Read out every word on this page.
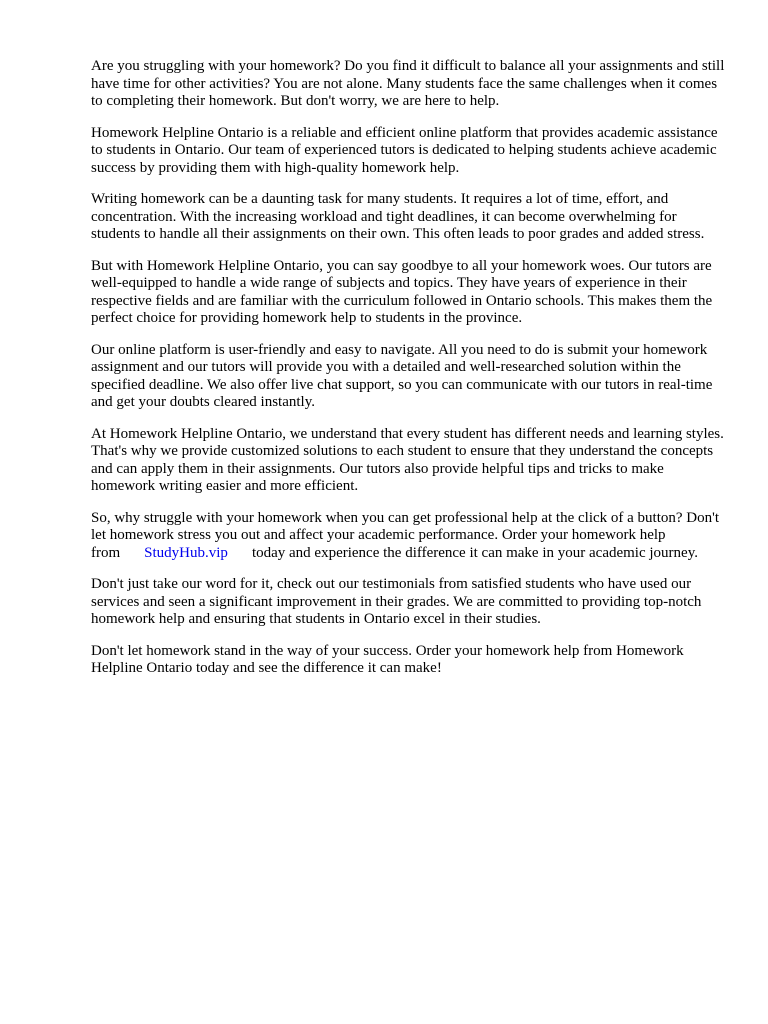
Are you struggling with your homework? Do you find it difficult to balance all your assignments and still have time for other activities? You are not alone. Many students face the same challenges when it comes to completing their homework. But don't worry, we are here to help.

Homework Helpline Ontario is a reliable and efficient online platform that provides academic assistance to students in Ontario. Our team of experienced tutors is dedicated to helping students achieve academic success by providing them with high-quality homework help.

Writing homework can be a daunting task for many students. It requires a lot of time, effort, and concentration. With the increasing workload and tight deadlines, it can become overwhelming for students to handle all their assignments on their own. This often leads to poor grades and added stress.

But with Homework Helpline Ontario, you can say goodbye to all your homework woes. Our tutors are well-equipped to handle a wide range of subjects and topics. They have years of experience in their respective fields and are familiar with the curriculum followed in Ontario schools. This makes them the perfect choice for providing homework help to students in the province.

Our online platform is user-friendly and easy to navigate. All you need to do is submit your homework assignment and our tutors will provide you with a detailed and well-researched solution within the specified deadline. We also offer live chat support, so you can communicate with our tutors in real-time and get your doubts cleared instantly.

At Homework Helpline Ontario, we understand that every student has different needs and learning styles. That's why we provide customized solutions to each student to ensure that they understand the concepts and can apply them in their assignments. Our tutors also provide helpful tips and tricks to make homework writing easier and more efficient.

So, why struggle with your homework when you can get professional help at the click of a button? Don't let homework stress you out and affect your academic performance. Order your homework help from StudyHub.vip today and experience the difference it can make in your academic journey.

Don't just take our word for it, check out our testimonials from satisfied students who have used our services and seen a significant improvement in their grades. We are committed to providing top-notch homework help and ensuring that students in Ontario excel in their studies.

Don't let homework stand in the way of your success. Order your homework help from Homework Helpline Ontario today and see the difference it can make!
